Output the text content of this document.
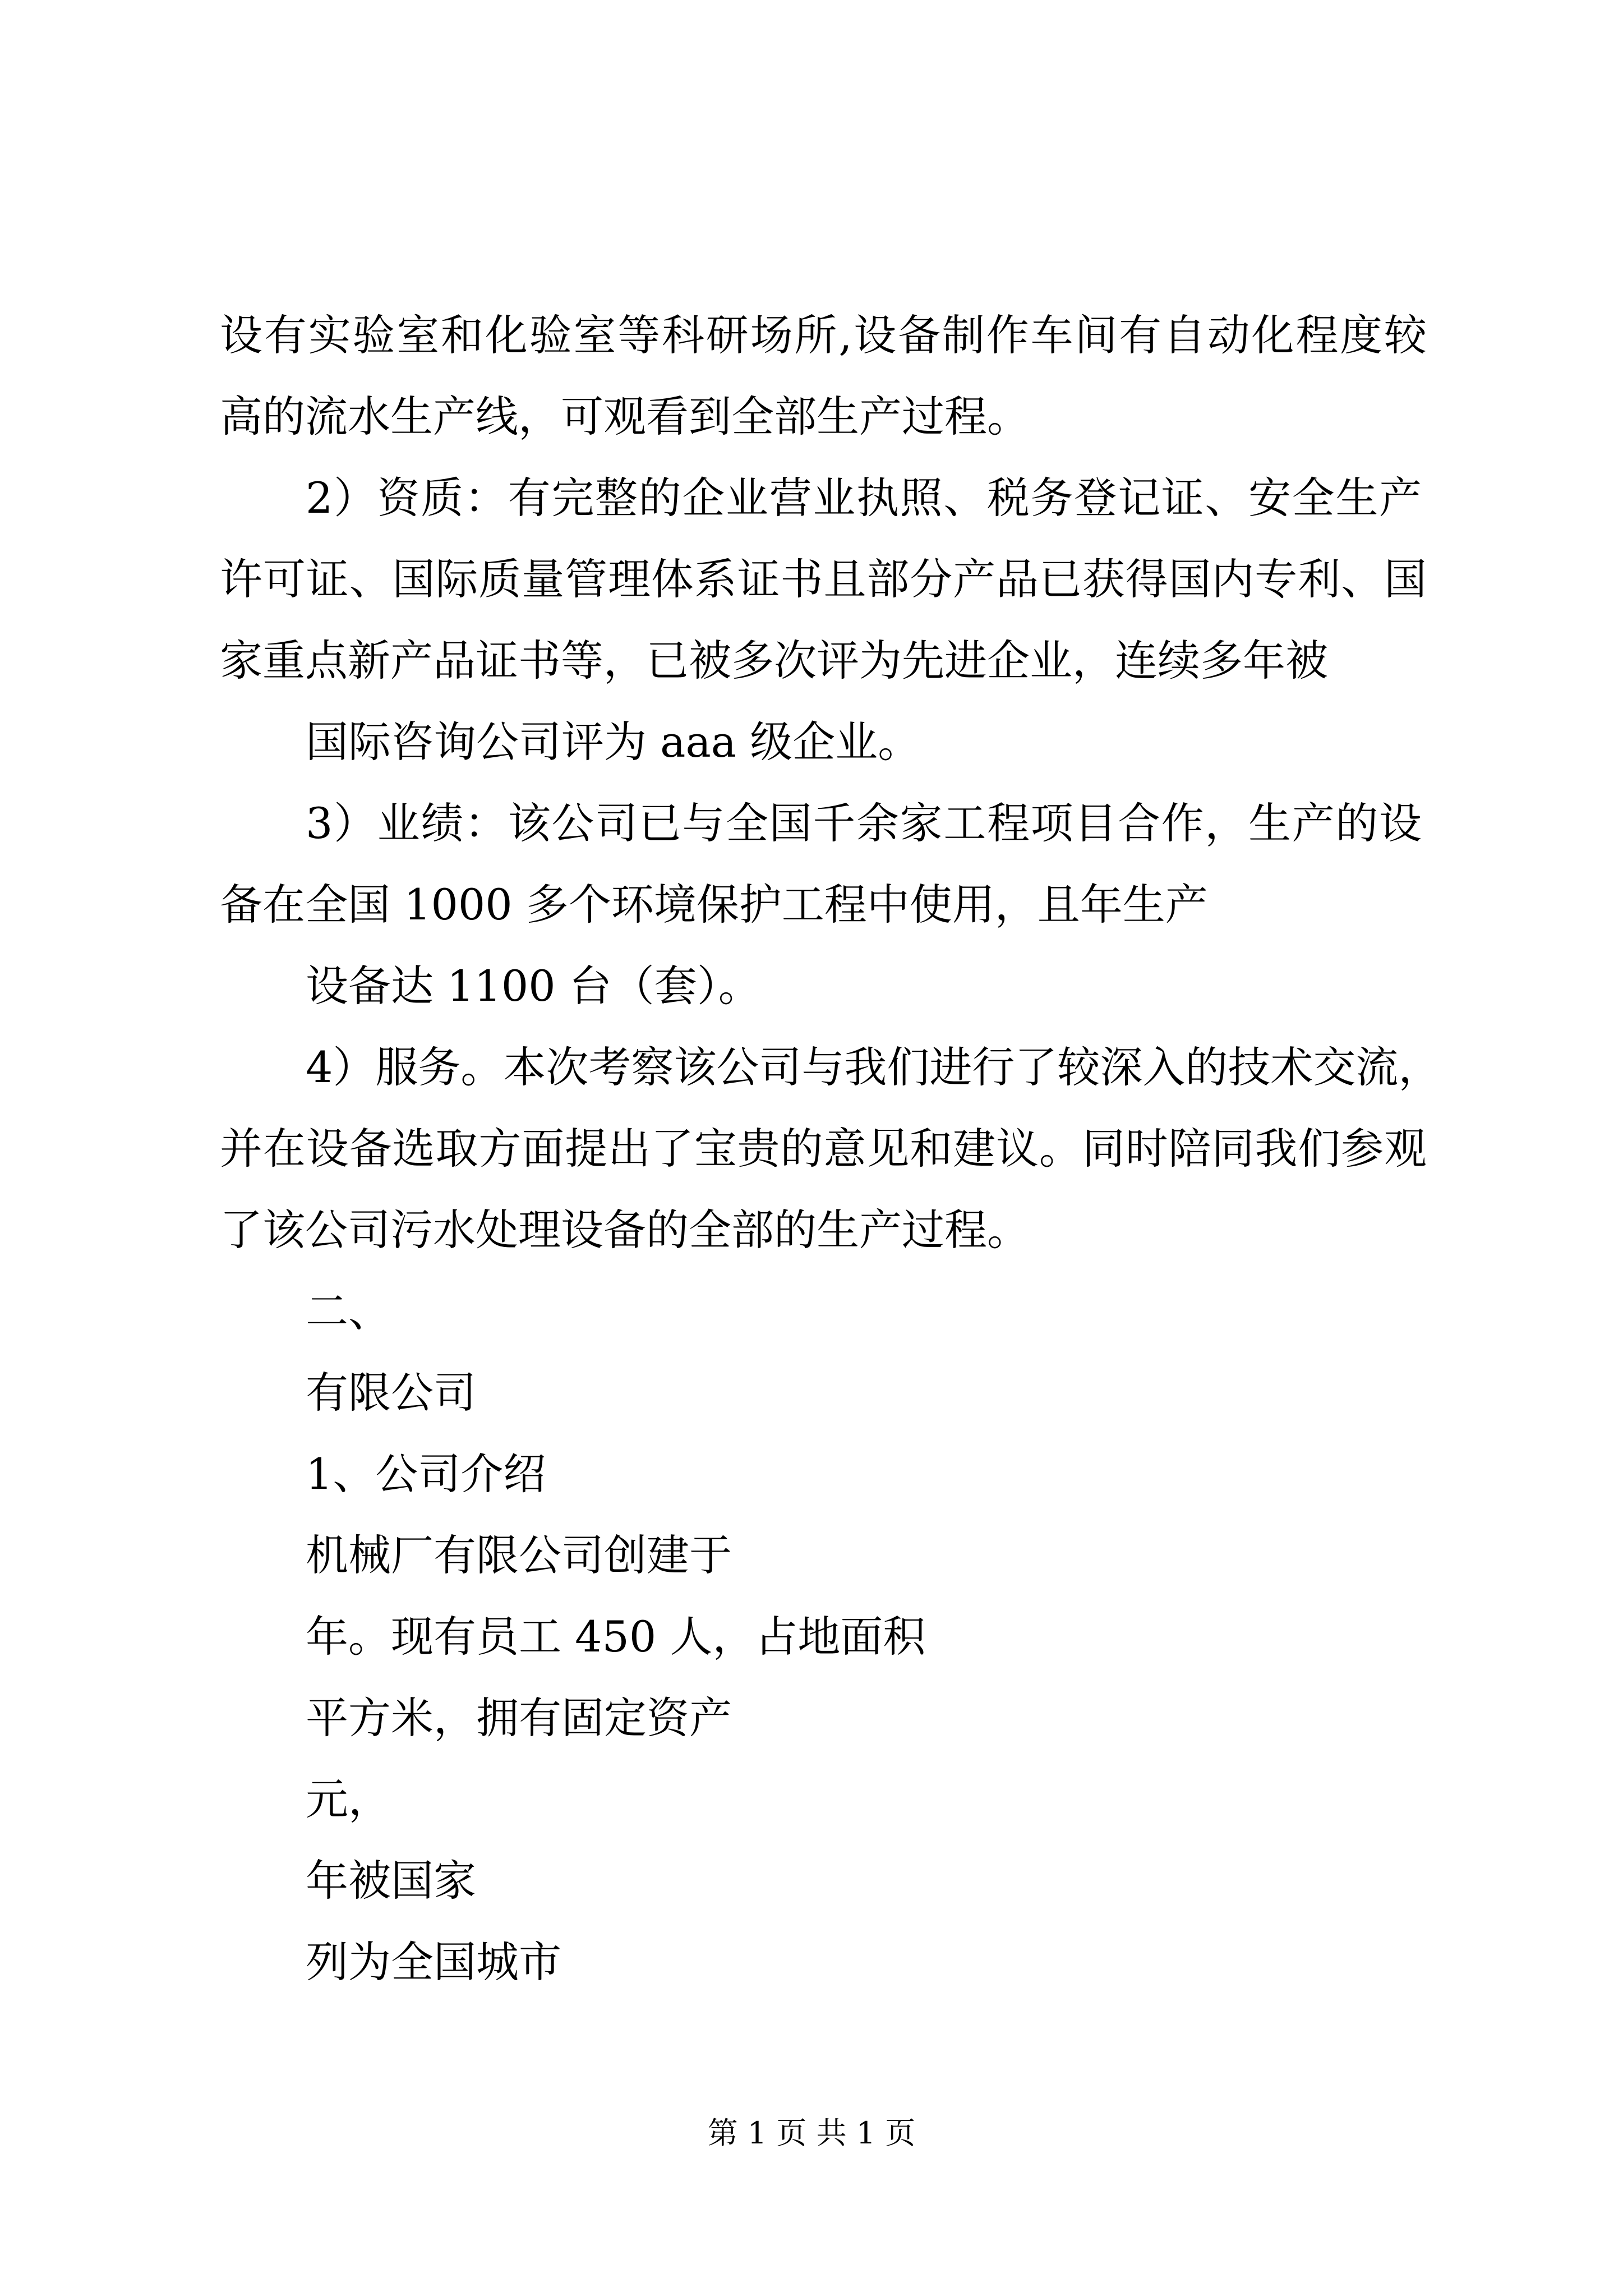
设有实验室和化验室等科研场所,设备制作车间有自动化程度较
高的流水生产线，可观看到全部生产过程。
2）资质：有完整的企业营业执照、税务登记证、安全生产
许可证、国际质量管理体系证书且部分产品已获得国内专利、国
家重点新产品证书等，已被多次评为先进企业，连续多年被
国际咨询公司评为 aaa 级企业。
3）业绩：该公司已与全国千余家工程项目合作，生产的设
备在全国 1000 多个环境保护工程中使用，且年生产
设备达 1100 台（套）。
4）服务。本次考察该公司与我们进行了较深入的技术交流，
并在设备选取方面提出了宝贵的意见和建议。同时陪同我们参观
了该公司污水处理设备的全部的生产过程。
二、
有限公司
1、公司介绍
机械厂有限公司创建于
年。现有员工 450 人，占地面积
平方米，拥有固定资产
元，
年被国家
列为全国城市
第 1 页 共 1 页
